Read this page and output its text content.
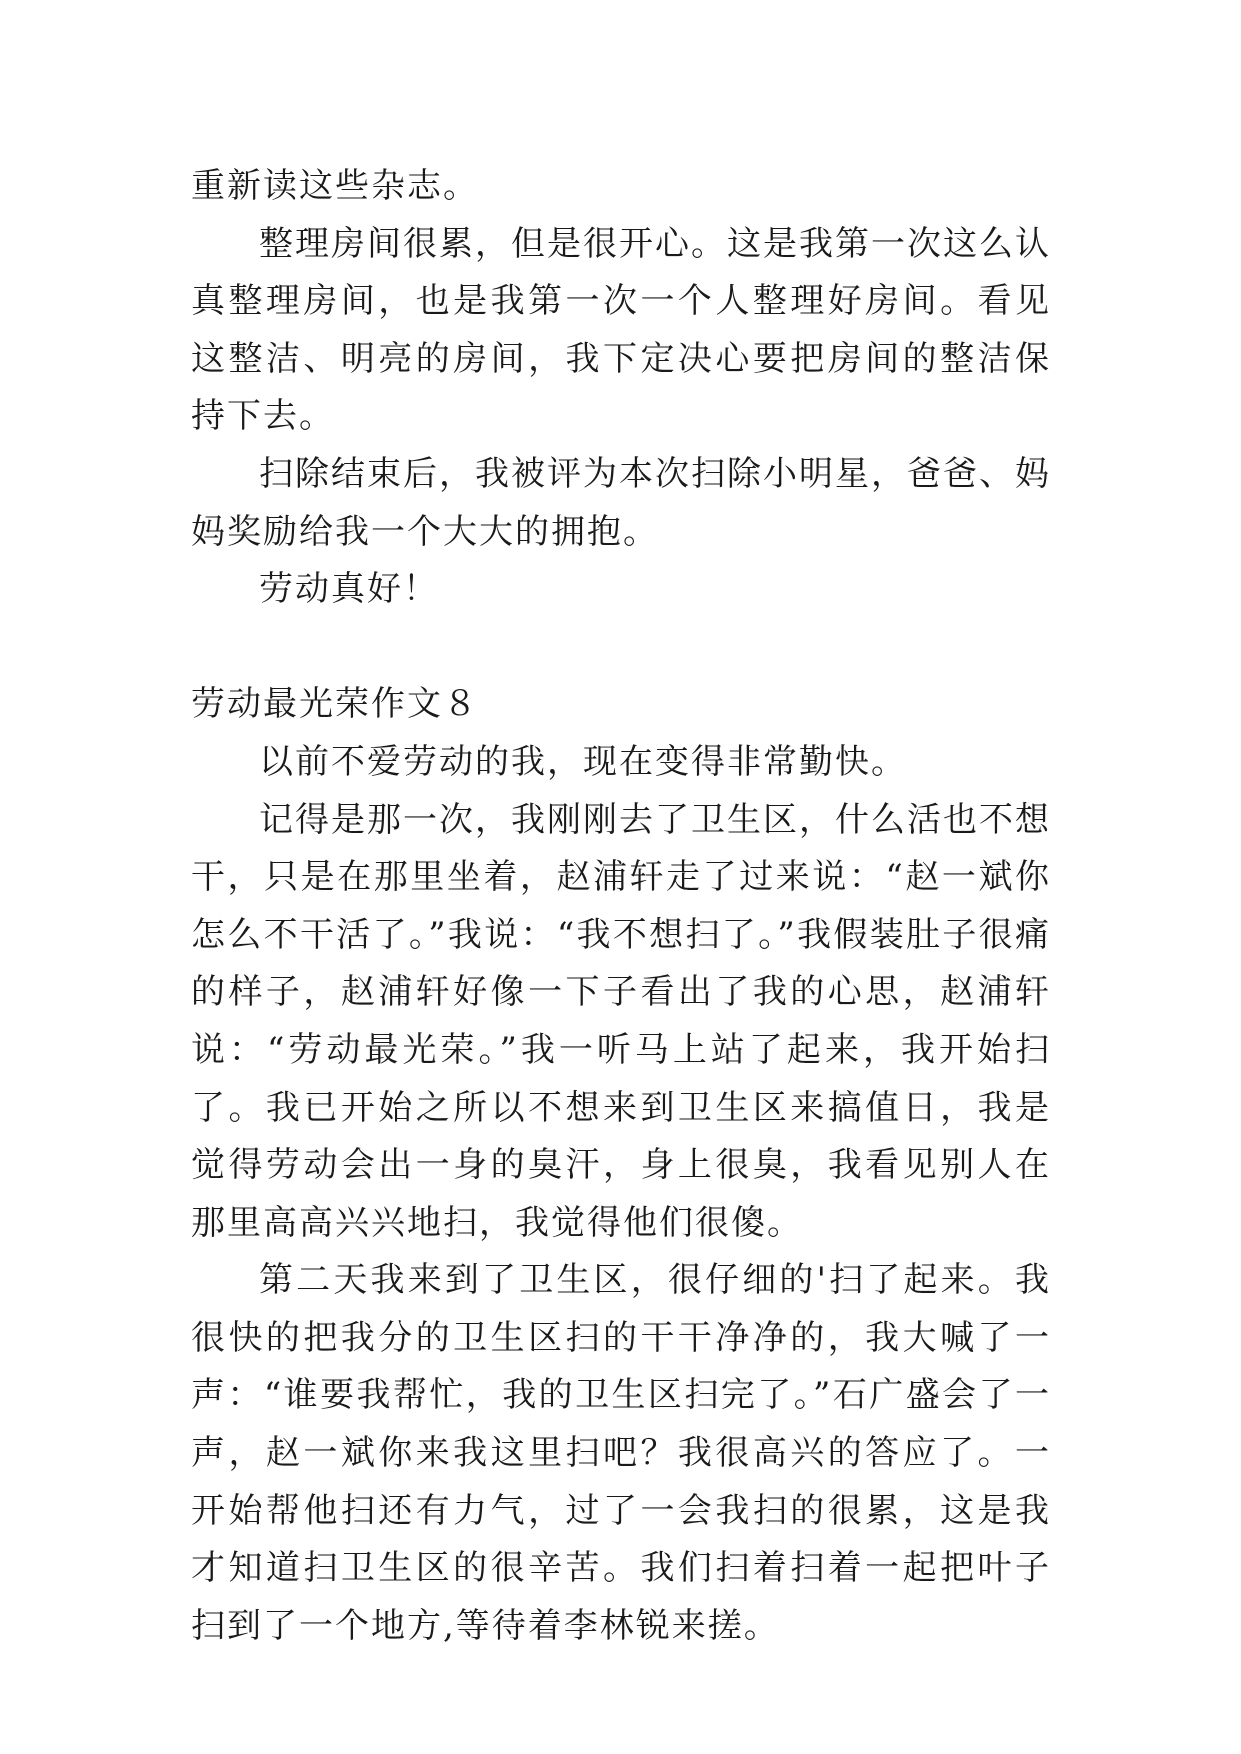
重新读这些杂志。

整理房间很累，但是很开心。这是我第一次这么认真整理房间，也是我第一次一个人整理好房间。看见这整洁、明亮的房间，我下定决心要把房间的整洁保持下去。

扫除结束后，我被评为本次扫除小明星，爸爸、妈妈奖励给我一个大大的拥抱。

劳动真好！

劳动最光荣作文８

以前不爱劳动的我，现在变得非常勤快。

记得是那一次，我刚刚去了卫生区，什么活也不想干，只是在那里坐着，赵浦轩走了过来说：“赵一斌你怎么不干活了。”我说：“我不想扫了。”我假装肚子很痛的样子，赵浦轩好像一下子看出了我的心思，赵浦轩说：“劳动最光荣。”我一听马上站了起来，我开始扫了。我已开始之所以不想来到卫生区来搞值日，我是觉得劳动会出一身的臭汗，身上很臭，我看见别人在那里高高兴兴地扫，我觉得他们很傻。

第二天我来到了卫生区，很仔细的'扫了起来。我很快的把我分的卫生区扫的干干净净的，我大喊了一声：“谁要我帮忙，我的卫生区扫完了。”石广盛会了一声，赵一斌你来我这里扫吧？我很高兴的答应了。一开始帮他扫还有力气，过了一会我扫的很累，这是我才知道扫卫生区的很辛苦。我们扫着扫着一起把叶子扫到了一个地方,等待着李林锐来搓。
